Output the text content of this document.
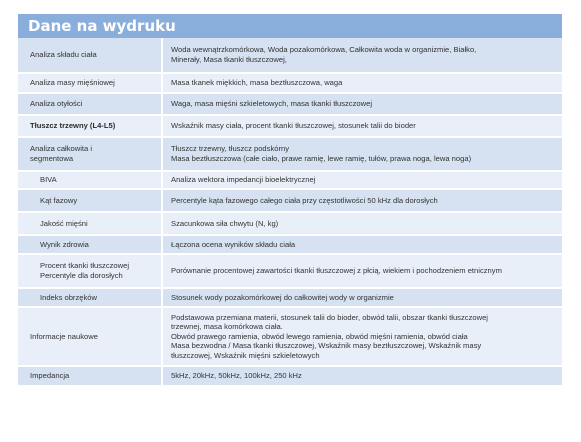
Dane na wydruku
Analiza składu ciała	Woda wewnątrzkomórkowa, Woda pozakomórkowa, Całkowita woda w organizmie, Białko,
Minerały, Masa tkanki tłuszczowej,

Analiza masy mięśniowej	Masa tkanek miękkich, masa beztłuszczowa, waga

Analiza otyłości	Waga, masa mięśni szkieletowych, masa tkanki tłuszczowej

Tłuszcz trzewny (L4-L5)	Wskaźnik masy ciała, procent tkanki tłuszczowej, stosunek talii do bioder

Analiza całkowita i
segmentowa	Tłuszcz trzewny, tłuszcz podskórny
Masa beztłuszczowa (całe ciało, prawe ramię, lewe ramię, tułów, prawa noga, lewa noga)

BIVA	Analiza wektora impedancji bioelektrycznej

Kąt fazowy	Percentyle kąta fazowego całego ciała przy częstotliwości 50 kHz dla dorosłych

Jakość mięśni	Szacunkowa siła chwytu (N, kg)

Wynik zdrowia	Łączona ocena wyników składu ciała

Procent tkanki tłuszczowej
Percentyle dla dorosłych	Porównanie procentowej zawartości tkanki tłuszczowej z płcią, wiekiem i pochodzeniem etnicznym

Indeks obrzęków	Stosunek wody pozakomórkowej do całkowitej wody w organizmie

Informacje naukowe	Podstawowa przemiana materii, stosunek talii do bioder, obwód talii, obszar tkanki tłuszczowej
trzewnej, masa komórkowa ciała.
Obwód prawego ramienia, obwód lewego ramienia, obwód mięśni ramienia, obwód ciała
Masa bezwodna / Masa tkanki tłuszczowej, Wskaźnik masy beztłuszczowej, Wskaźnik masy
tłuszczowej, Wskaźnik mięśni szkieletowych

Impedancja	5kHz, 20kHz, 50kHz, 100kHz, 250 kHz
